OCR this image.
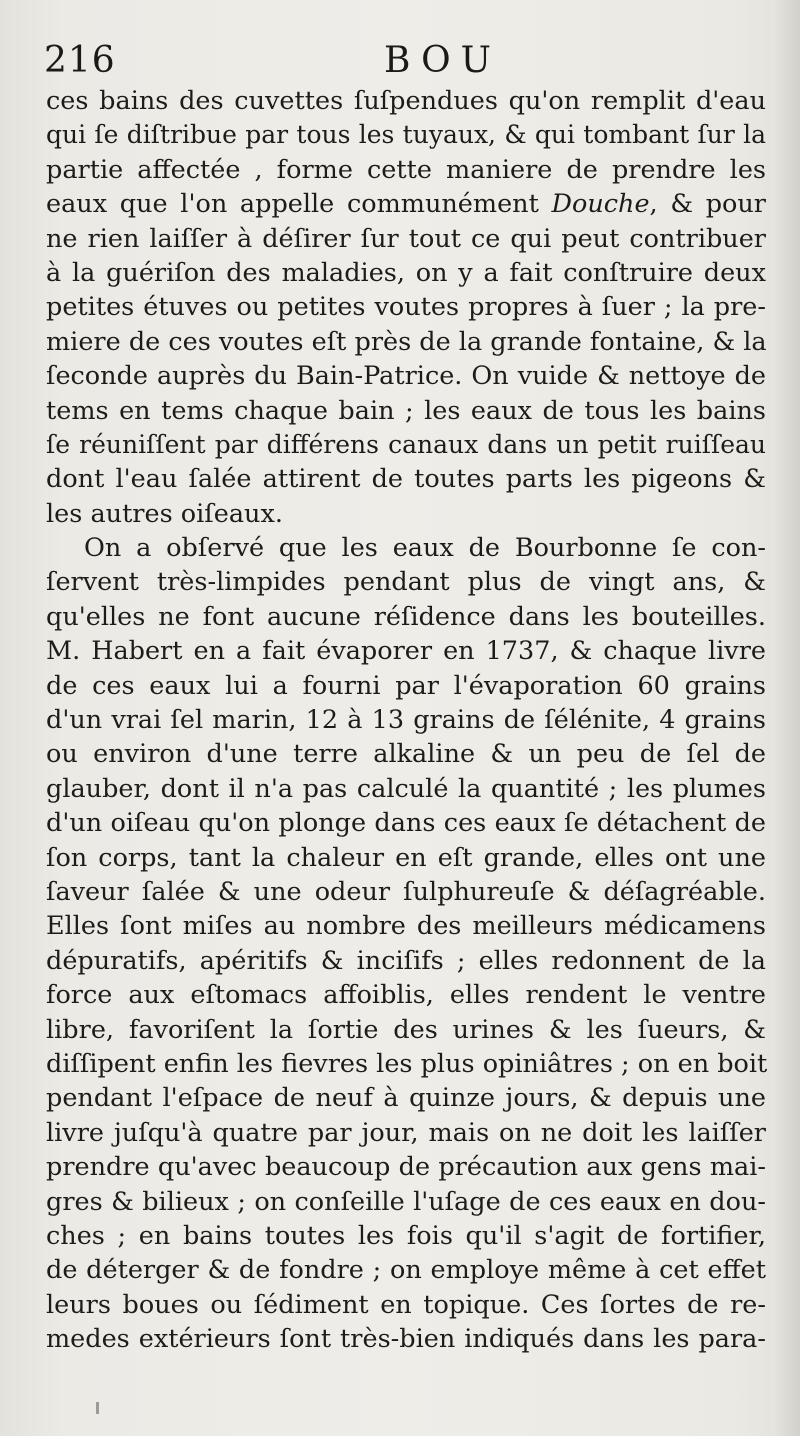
216	BOU
ces bains des cuvettes ſuſpendues qu'on remplit d'eau
qui ſe diſtribue par tous les tuyaux, & qui tombant ſur la
partie affectée , forme cette maniere de prendre les
eaux que l'on appelle communément Douche, & pour
ne rien laiſſer à déſirer ſur tout ce qui peut contribuer
à la guériſon des maladies, on y a fait conſtruire deux
petites étuves ou petites voutes propres à ſuer ; la pre-
miere de ces voutes eſt près de la grande fontaine, & la
ſeconde auprès du Bain-Patrice. On vuide & nettoye de
tems en tems chaque bain ; les eaux de tous les bains
ſe réuniſſent par différens canaux dans un petit ruiſſeau
dont l'eau ſalée attirent de toutes parts les pigeons &
les autres oiſeaux.
On a obſervé que les eaux de Bourbonne ſe con-
ſervent très-limpides pendant plus de vingt ans, &
qu'elles ne font aucune réſidence dans les bouteilles.
M. Habert en a fait évaporer en 1737, & chaque livre
de ces eaux lui a fourni par l'évaporation 60 grains
d'un vrai ſel marin, 12 à 13 grains de ſélénite, 4 grains
ou environ d'une terre alkaline & un peu de ſel de
glauber, dont il n'a pas calculé la quantité ; les plumes
d'un oiſeau qu'on plonge dans ces eaux ſe détachent de
ſon corps, tant la chaleur en eſt grande, elles ont une
ſaveur ſalée & une odeur ſulphureuſe & déſagréable.
Elles ſont miſes au nombre des meilleurs médicamens
dépuratifs, apéritifs & inciſifs ; elles redonnent de la
force aux eſtomacs affoiblis, elles rendent le ventre
libre, favoriſent la ſortie des urines & les ſueurs, &
diſſipent enfin les fievres les plus opiniâtres ; on en boit
pendant l'eſpace de neuf à quinze jours, & depuis une
livre juſqu'à quatre par jour, mais on ne doit les laiſſer
prendre qu'avec beaucoup de précaution aux gens mai-
gres & bilieux ; on conſeille l'uſage de ces eaux en dou-
ches ; en bains toutes les fois qu'il s'agit de fortifier,
de déterger & de fondre ; on employe même à cet effet
leurs boues ou ſédiment en topique. Ces ſortes de re-
medes extérieurs ſont très-bien indiqués dans les para-
